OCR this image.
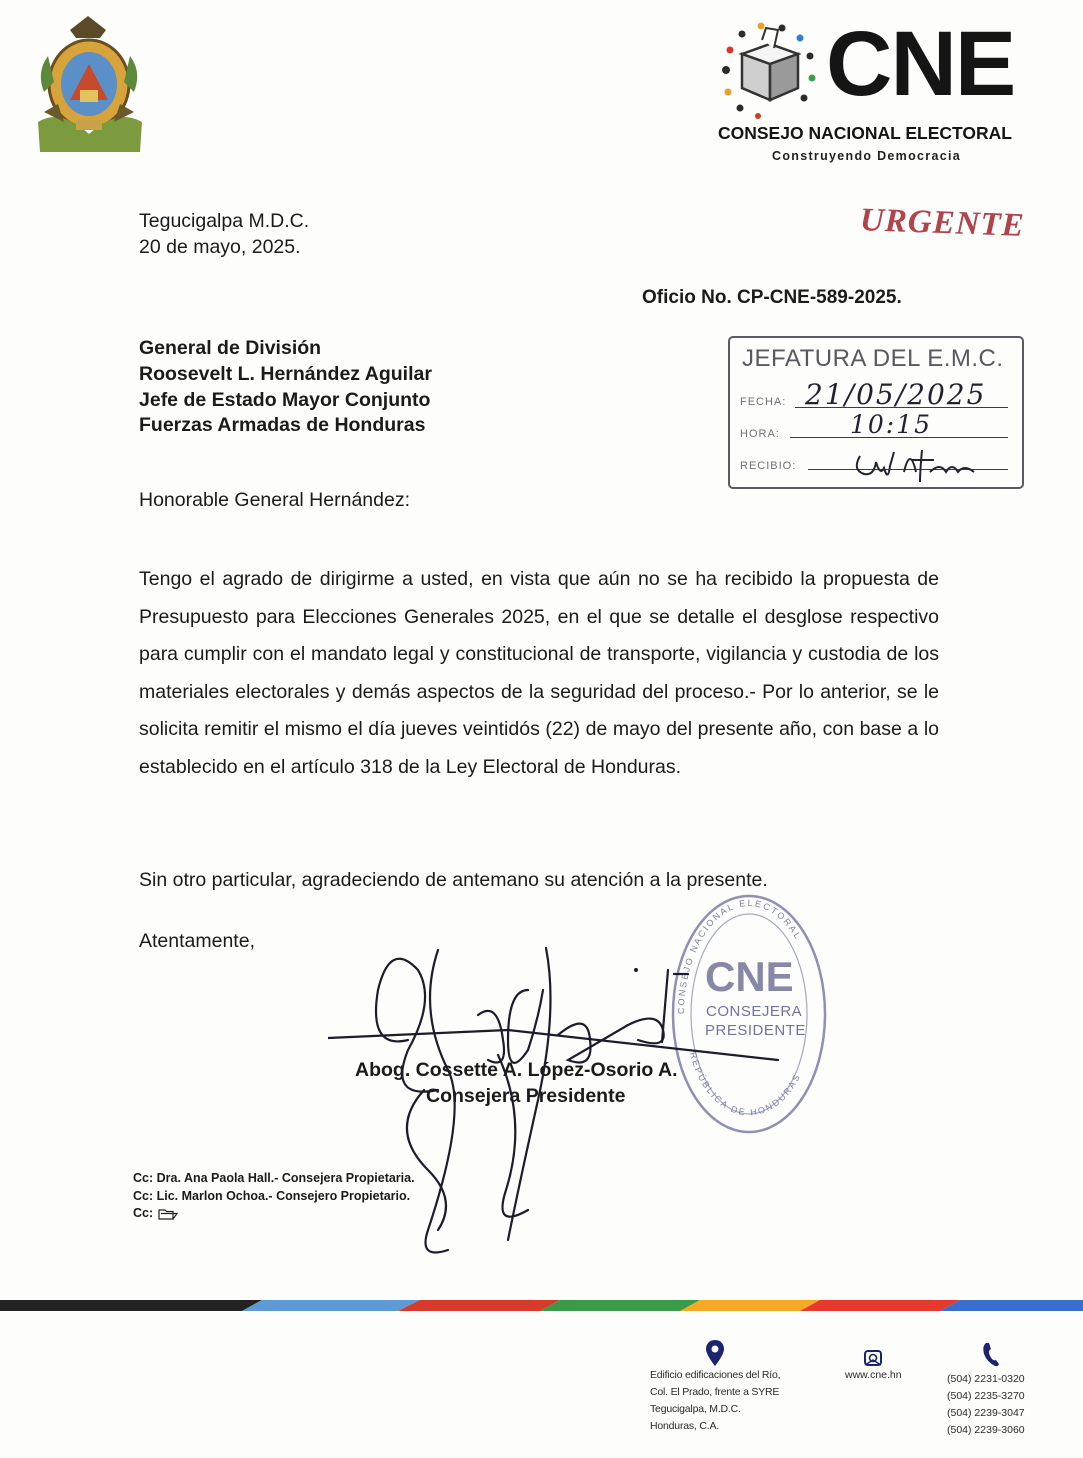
CNE
CONSEJO NACIONAL ELECTORAL
Construyendo Democracia
Tegucigalpa M.D.C.
20 de mayo, 2025.
URGENTE
Oficio No. CP-CNE-589-2025.
General de División
Roosevelt L. Hernández Aguilar
Jefe de Estado Mayor Conjunto
Fuerzas Armadas de Honduras
JEFATURA DEL E.M.C.
FECHA:
HORA:
RECIBIO:
21/05/2025
10:15
Honorable General Hernández:
Tengo el agrado de dirigirme a usted, en vista que aún no se ha recibido la propuesta de Presupuesto para Elecciones Generales 2025, en el que se detalle el desglose respectivo para cumplir con el mandato legal y constitucional de transporte, vigilancia y custodia de los materiales electorales y demás aspectos de la seguridad del proceso.- Por lo anterior, se le solicita remitir el mismo el día jueves veintidós (22) de mayo del presente año, con base a lo establecido en el artículo 318 de la Ley Electoral de Honduras.
Sin otro particular, agradeciendo de antemano su atención a la presente.
Atentamente,
CONSEJO NACIONAL ELECTORAL
REPÚBLICA DE HONDURAS
CNE
CONSEJERA
PRESIDENTE
Abog. Cossette A. López-Osorio A.
Consejera Presidente
Cc: Dra. Ana Paola Hall.- Consejera Propietaria.
Cc: Lic. Marlon Ochoa.- Consejero Propietario.
Cc:
Edificio edificaciones del Río,
Col. El Prado, frente a SYRE
Tegucigalpa, M.D.C.
Honduras, C.A.
www.cne.hn	(504) 2231-0320
(504) 2235-3270
(504) 2239-3047
(504) 2239-3060
